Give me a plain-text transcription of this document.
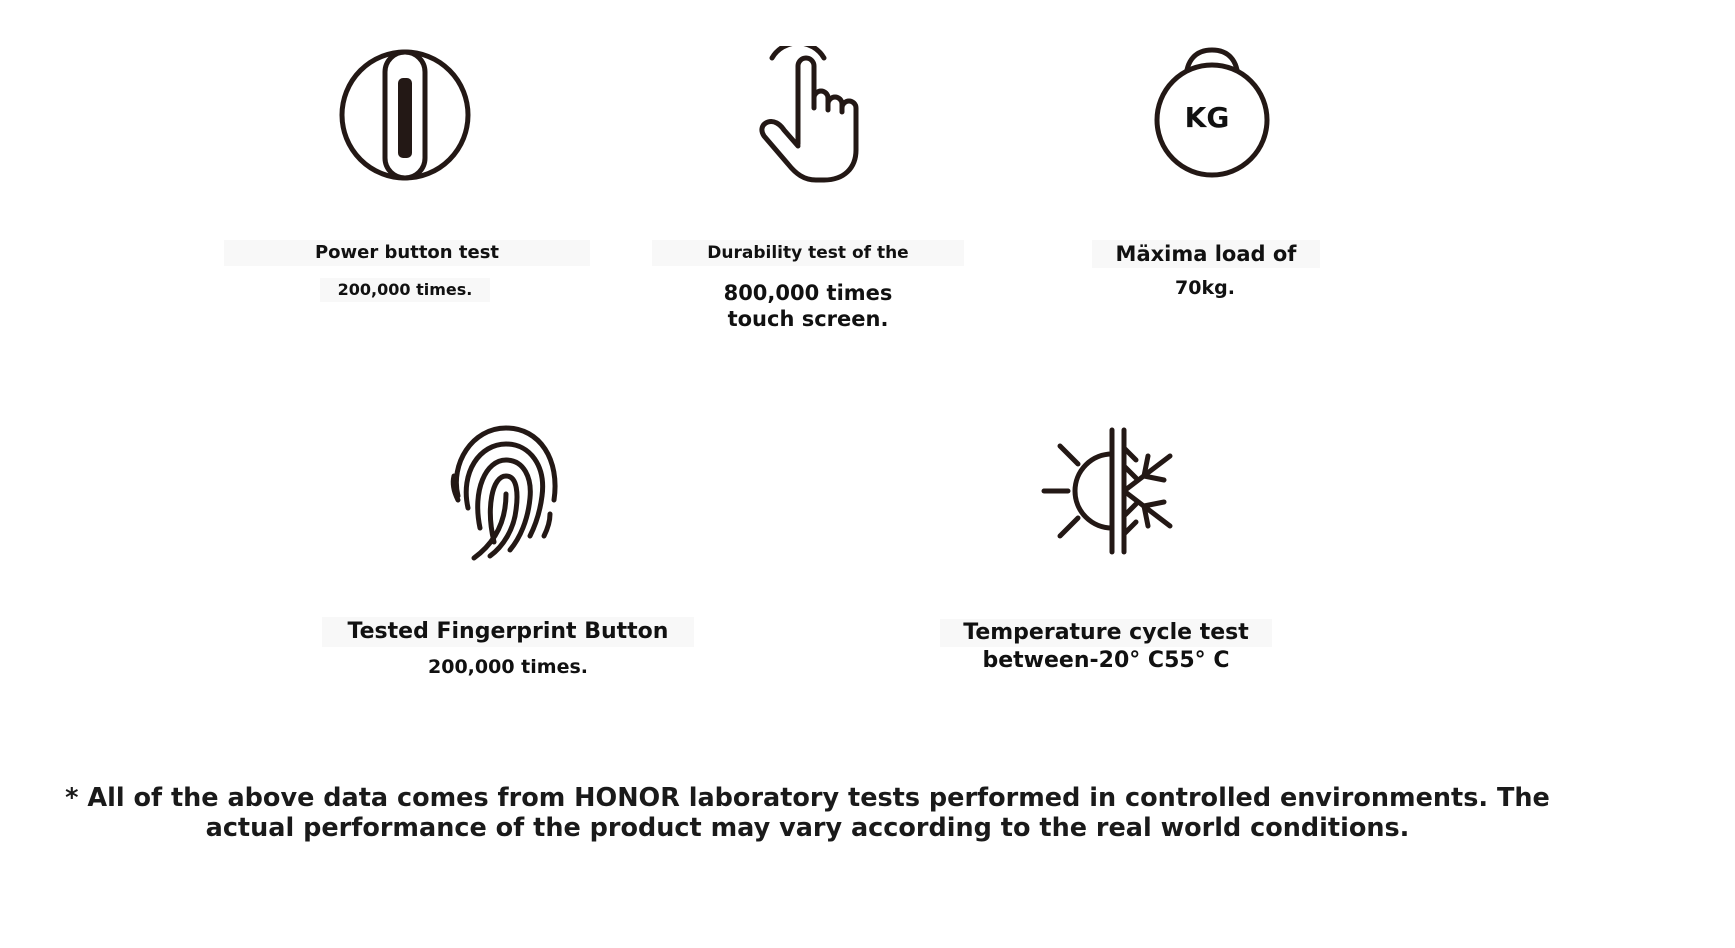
Power button test
200,000 times.
Durability test of the
800,000 times
touch screen.
KG
Mäxima load of
70kg.
Tested Fingerprint Button
200,000 times.
Temperature cycle test
between-20° C55° C
* All of the above data comes from HONOR laboratory tests performed in controlled environments. The
actual performance of the product may vary according to the real world conditions.
